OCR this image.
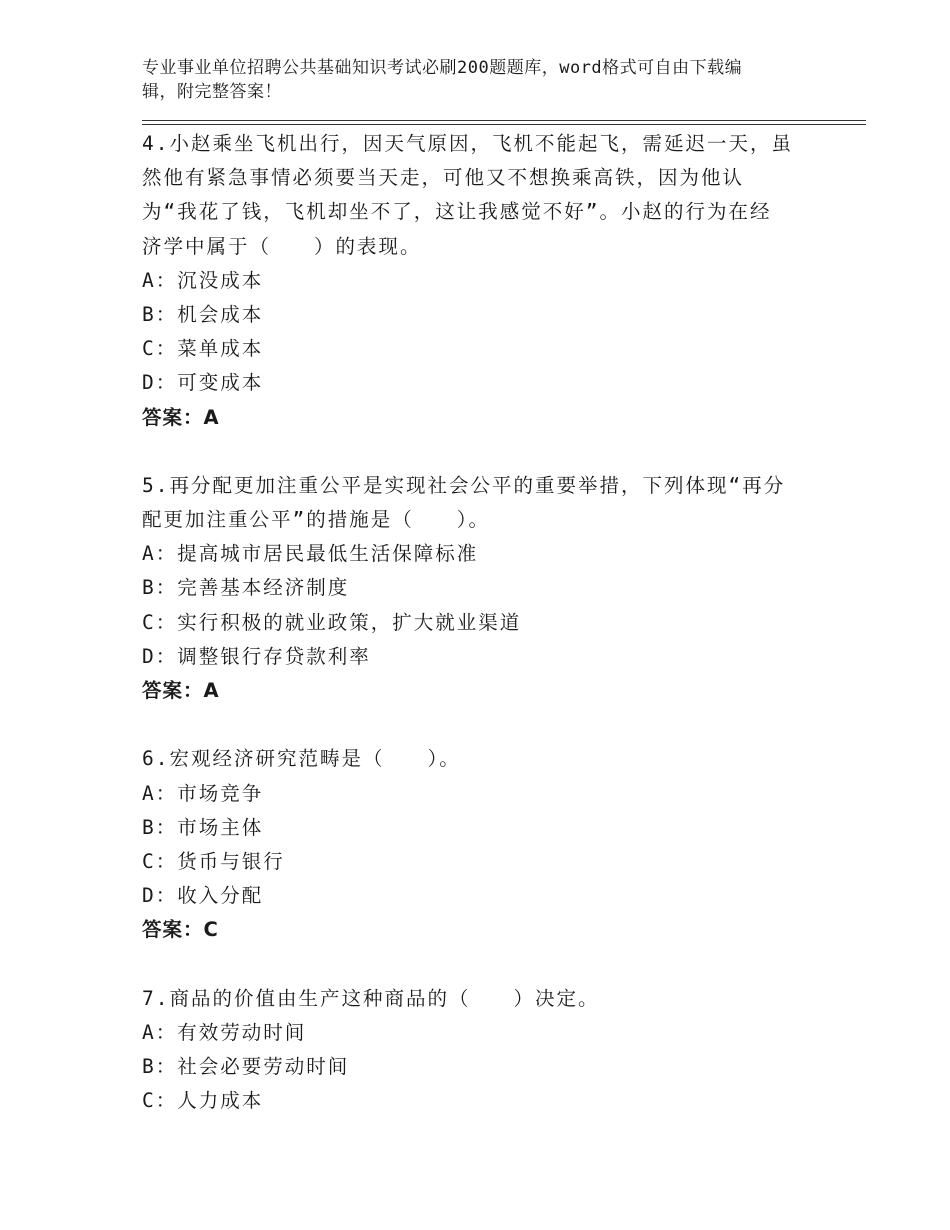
专业事业单位招聘公共基础知识考试必刷200题题库，word格式可自由下载编
辑，附完整答案！
4.小赵乘坐飞机出行，因天气原因，飞机不能起飞，需延迟一天，虽
然他有紧急事情必须要当天走，可他又不想换乘高铁，因为他认
为“我花了钱，飞机却坐不了，这让我感觉不好”。小赵的行为在经
济学中属于（　　）的表现。
A：沉没成本
B：机会成本
C：菜单成本
D：可变成本
答案：A
5.再分配更加注重公平是实现社会公平的重要举措，下列体现“再分
配更加注重公平”的措施是（　　）。
A：提高城市居民最低生活保障标准
B：完善基本经济制度
C：实行积极的就业政策，扩大就业渠道
D：调整银行存贷款利率
答案：A
6.宏观经济研究范畴是（　　）。
A：市场竞争
B：市场主体
C：货币与银行
D：收入分配
答案：C
7.商品的价值由生产这种商品的（　　）决定。
A：有效劳动时间
B：社会必要劳动时间
C：人力成本
